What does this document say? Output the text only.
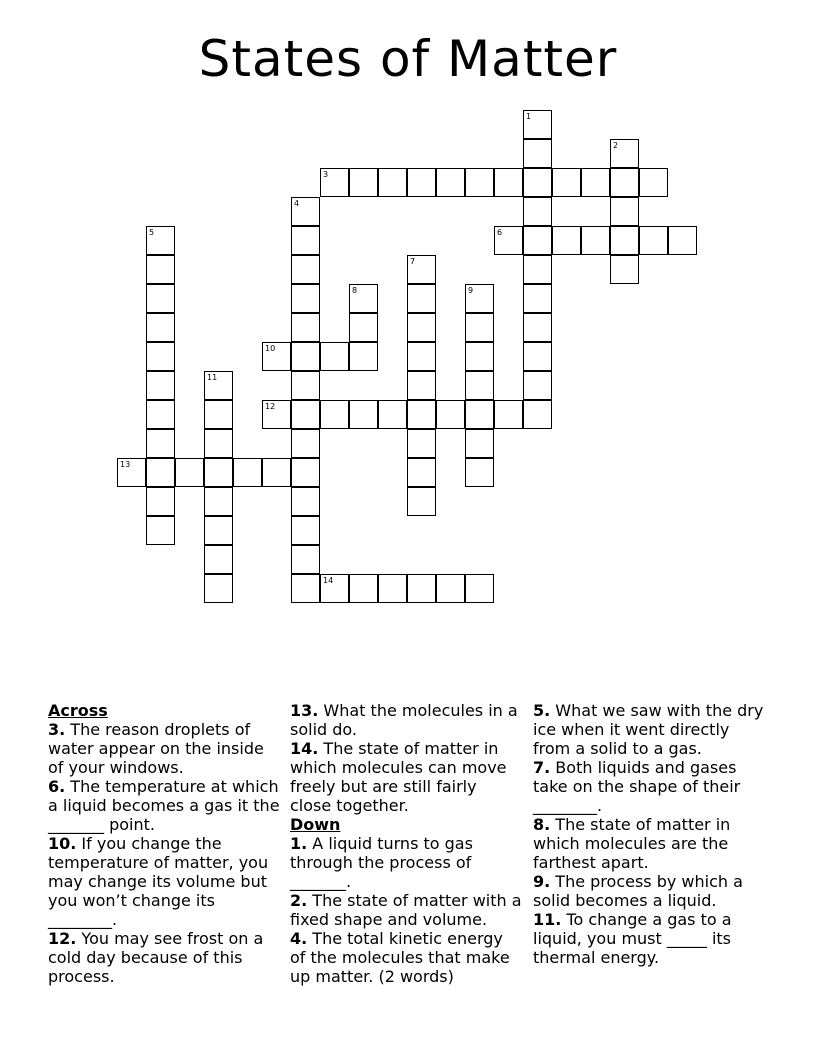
States of Matter
1
2
3
4
5	6
7
8	9
10
11
12
13
14
Across
3. The reason droplets of water appear on the inside of your windows.
6. The temperature at which a liquid becomes a gas it the _______ point.
10. If you change the temperature of matter, you may change its volume but you won’t change its ________.
12. You may see frost on a cold day because of this process.
13. What the molecules in a solid do.
14. The state of matter in which molecules can move freely but are still fairly close together.
Down
1. A liquid turns to gas through the process of _______.
2. The state of matter with a fixed shape and volume.
4. The total kinetic energy of the molecules that make up matter. (2 words)
5. What we saw with the dry ice when it went directly from a solid to a gas.
7. Both liquids and gases take on the shape of their ________.
8. The state of matter in which molecules are the farthest apart.
9. The process by which a solid becomes a liquid.
11. To change a gas to a liquid, you must _____ its thermal energy.
